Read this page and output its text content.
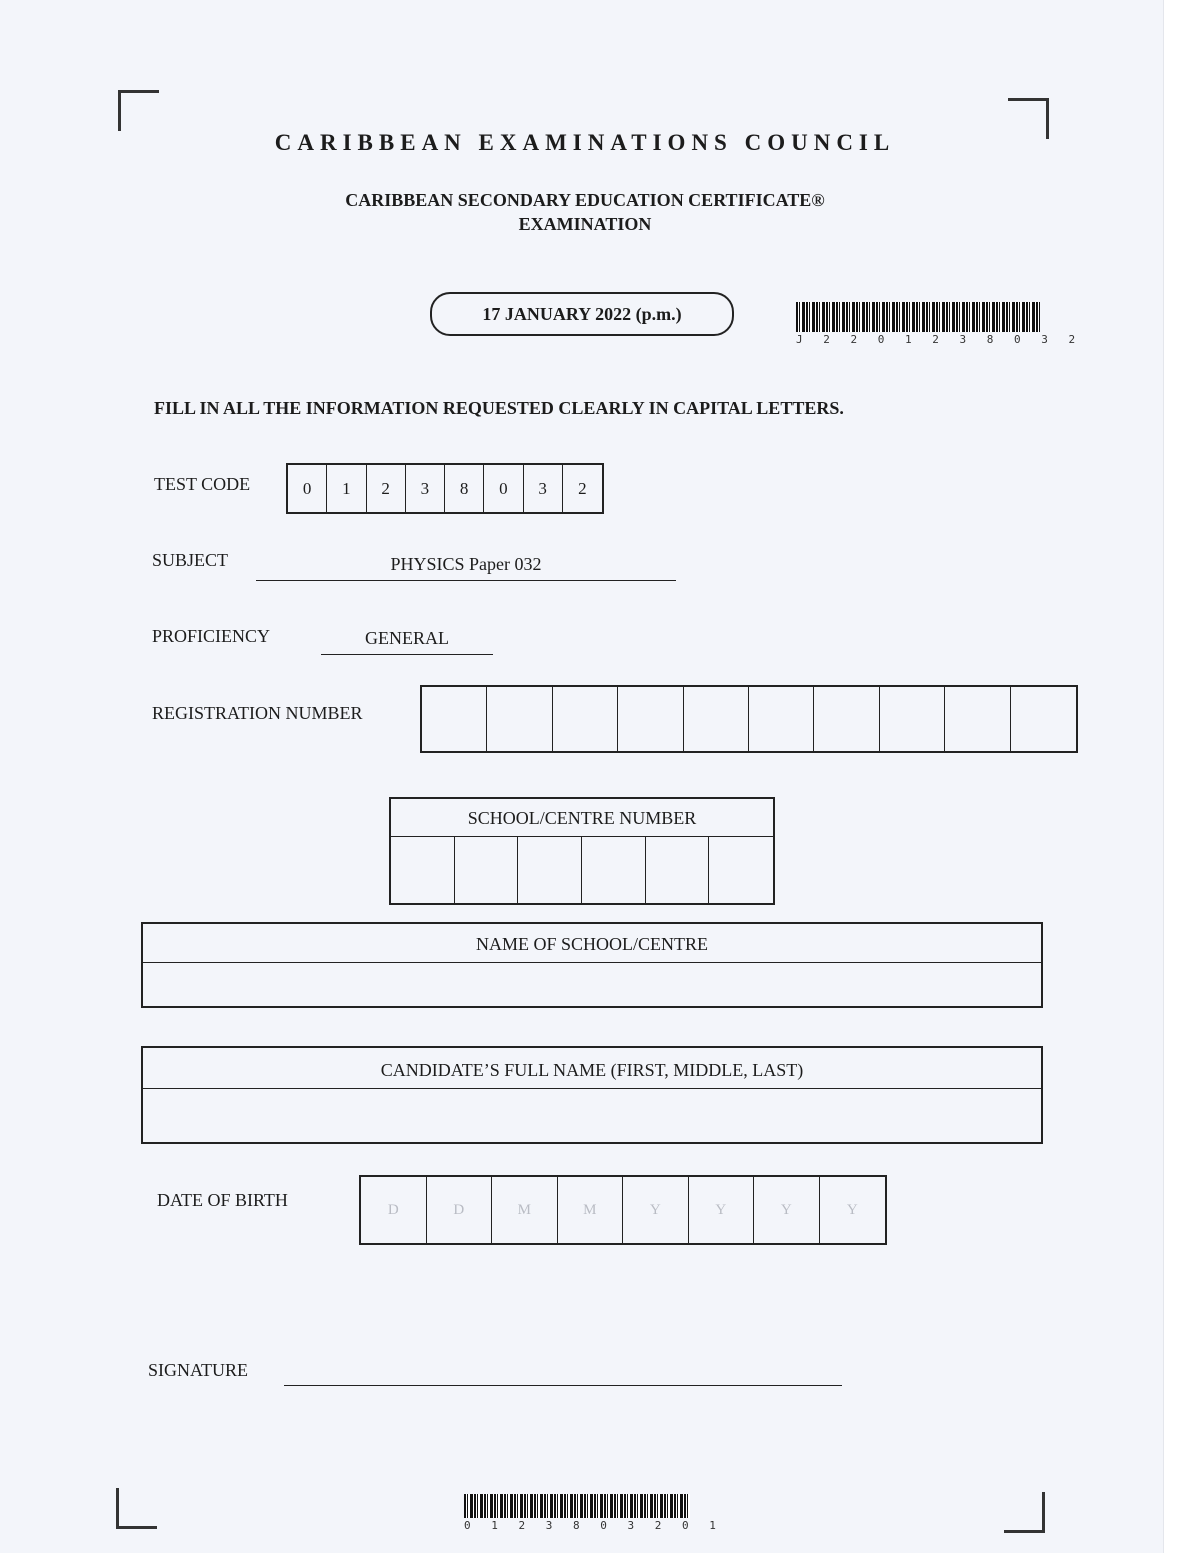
CARIBBEAN EXAMINATIONS COUNCIL
CARIBBEAN SECONDARY EDUCATION CERTIFICATE®
EXAMINATION
17 JANUARY 2022 (p.m.)
J 2 2 0 1 2 3 8 0 3 2
FILL IN ALL THE INFORMATION REQUESTED CLEARLY IN CAPITAL LETTERS.
TEST CODE	0	1	2	3	8	0	3	2
SUBJECT	PHYSICS Paper 032
PROFICIENCY	GENERAL
REGISTRATION NUMBER
SCHOOL/CENTRE NUMBER
NAME OF SCHOOL/CENTRE
CANDIDATE’S FULL NAME (FIRST, MIDDLE, LAST)
DATE OF BIRTH	D	D	M	M	Y	Y	Y	Y
SIGNATURE
0 1 2 3 8 0 3 2 0 1
